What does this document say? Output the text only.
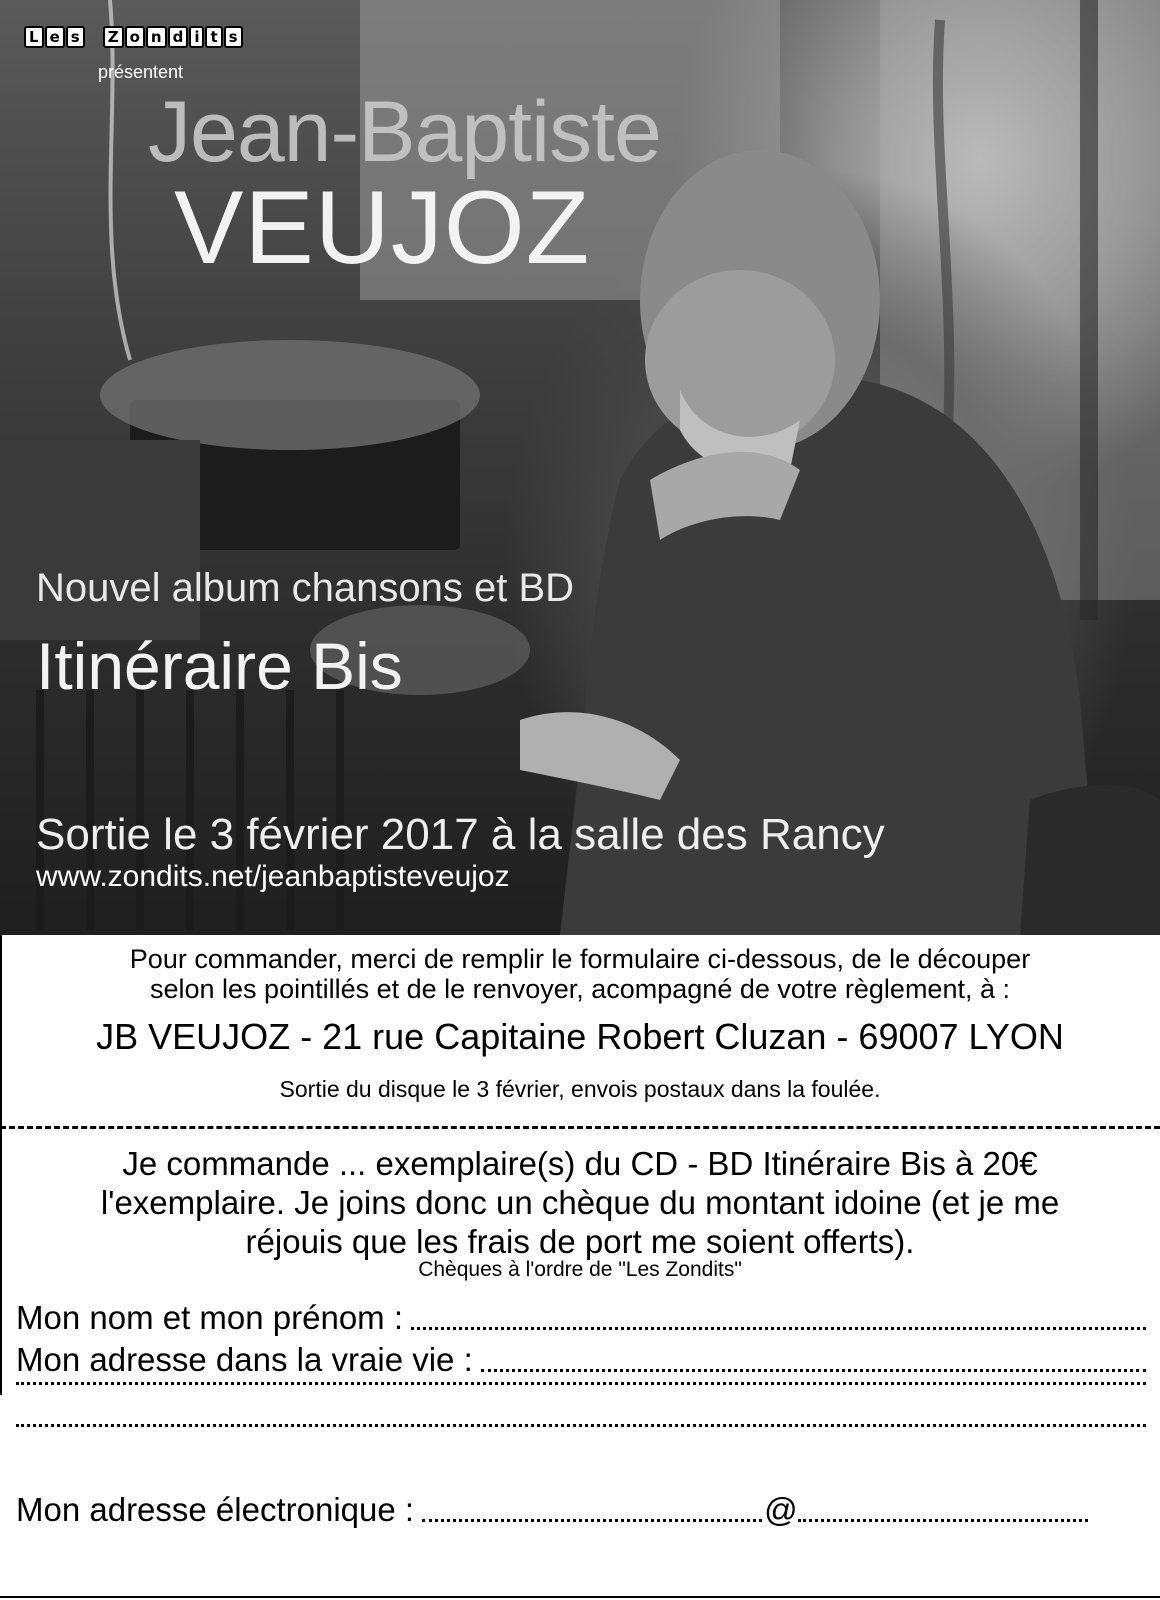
L e s	Z o n d i t s
présentent
Jean-Baptiste
VEUJOZ
Nouvel album chansons et BD
Itinéraire Bis
Sortie le 3 février 2017 à la salle des Rancy
www.zondits.net/jeanbaptisteveujoz
Pour commander, merci de remplir le formulaire ci-dessous, de le découper
selon les pointillés et de le renvoyer, acompagné de votre règlement, à :
JB VEUJOZ - 21 rue Capitaine Robert Cluzan - 69007 LYON
Sortie du disque le 3 février, envois postaux dans la foulée.
Je commande ... exemplaire(s) du CD - BD Itinéraire Bis à 20€
l'exemplaire. Je joins donc un chèque du montant idoine (et je me
réjouis que les frais de port me soient offerts).
Chèques à l'ordre de "Les Zondits"
Mon nom et mon prénom :
Mon adresse dans la vraie vie :
Mon adresse électronique :	@
